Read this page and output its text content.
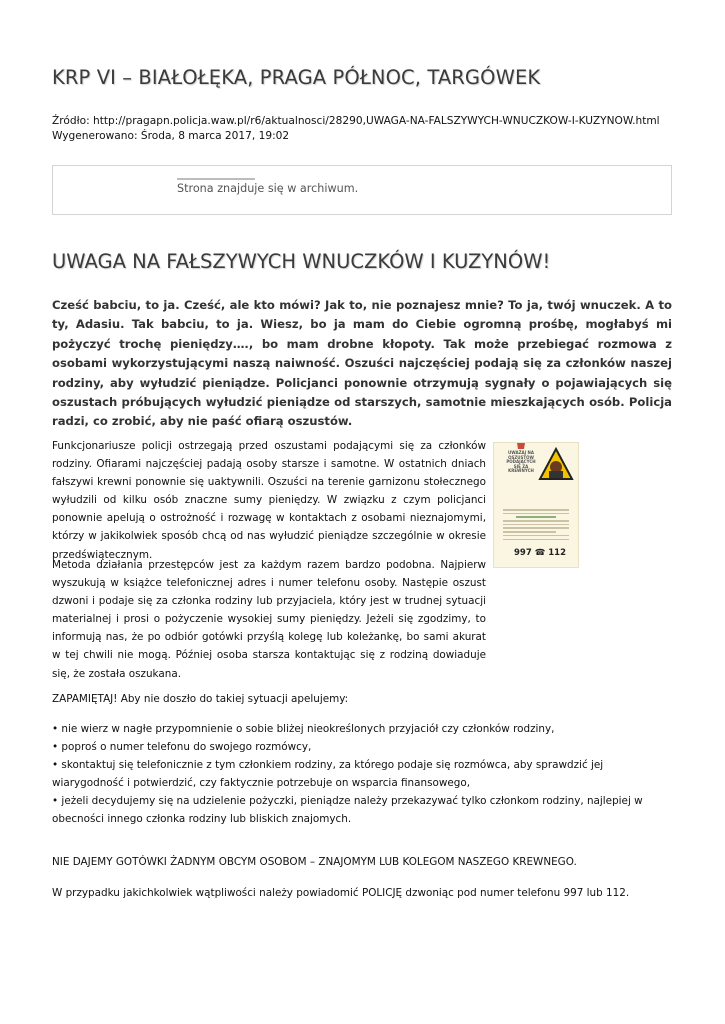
KRP VI – BIAŁOŁĘKA, PRAGA PÓŁNOC, TARGÓWEK
Źródło: http://pragapn.policja.waw.pl/r6/aktualnosci/28290,UWAGA-NA-FALSZYWYCH-WNUCZKOW-I-KUZYNOW.html
Wygenerowano: Środa, 8 marca 2017, 19:02
Strona znajduje się w archiwum.
UWAGA NA FAŁSZYWYCH WNUCZKÓW I KUZYNÓW!

Cześć babciu, to ja. Cześć, ale kto mówi? Jak to, nie poznajesz mnie? To ja, twój wnuczek. A to ty, Adasiu. Tak babciu, to ja. Wiesz, bo ja mam do Ciebie ogromną prośbę, mogłabyś mi pożyczyć trochę pieniędzy…., bo mam drobne kłopoty. Tak może przebiegać rozmowa z osobami wykorzystującymi naszą naiwność. Oszuści najczęściej podają się za członków naszej rodziny, aby wyłudzić pieniądze. Policjanci ponownie otrzymują sygnały o pojawiających się oszustach próbujących wyłudzić pieniądze od starszych, samotnie mieszkających osób. Policja radzi, co zrobić, aby nie paść ofiarą oszustów.

Funkcjonariusze policji ostrzegają przed oszustami podającymi się za członków rodziny. Ofiarami najczęściej padają osoby starsze i samotne. W ostatnich dniach fałszywi krewni ponownie się uaktywnili. Oszuści na terenie garnizonu stołecznego wyłudzili od kilku osób znaczne sumy pieniędzy. W związku z czym policjanci ponownie apelują o ostrożność i rozwagę w kontaktach z osobami nieznajomymi, którzy w jakikolwiek sposób chcą od nas wyłudzić pieniądze szczególnie w okresie przedświątecznym.

UWAŻAJ NA OSZUSTÓW PODAJĄCYCH SIĘ ZA KREWNYCH
997 ☎ 112

Metoda działania przestępców jest za każdym razem bardzo podobna. Najpierw wyszukują w książce telefonicznej adres i numer telefonu osoby. Następie oszust dzwoni i podaje się za członka rodziny lub przyjaciela, który jest w trudnej sytuacji materialnej i prosi o pożyczenie wysokiej sumy pieniędzy. Jeżeli się zgodzimy, to informują nas, że po odbiór gotówki przyślą kolegę lub koleżankę, bo sami akurat w tej chwili nie mogą. Później osoba starsza kontaktując się z rodziną dowiaduje się, że została oszukana.

ZAPAMIĘTAJ! Aby nie doszło do takiej sytuacji apelujemy:

• nie wierz w nagłe przypomnienie o sobie bliżej nieokreślonych przyjaciół czy członków rodziny,
• poproś o numer telefonu do swojego rozmówcy,
• skontaktuj się telefonicznie z tym członkiem rodziny, za którego podaje się rozmówca, aby sprawdzić jej wiarygodność i potwierdzić, czy faktycznie potrzebuje on wsparcia finansowego,
• jeżeli decydujemy się na udzielenie pożyczki, pieniądze należy przekazywać tylko członkom rodziny, najlepiej w obecności innego członka rodziny lub bliskich znajomych.

NIE DAJEMY GOTÓWKI ŻADNYM OBCYM OSOBOM – ZNAJOMYM LUB KOLEGOM NASZEGO KREWNEGO.

W przypadku jakichkolwiek wątpliwości należy powiadomić POLICJĘ dzwoniąc pod numer telefonu 997 lub 112.
